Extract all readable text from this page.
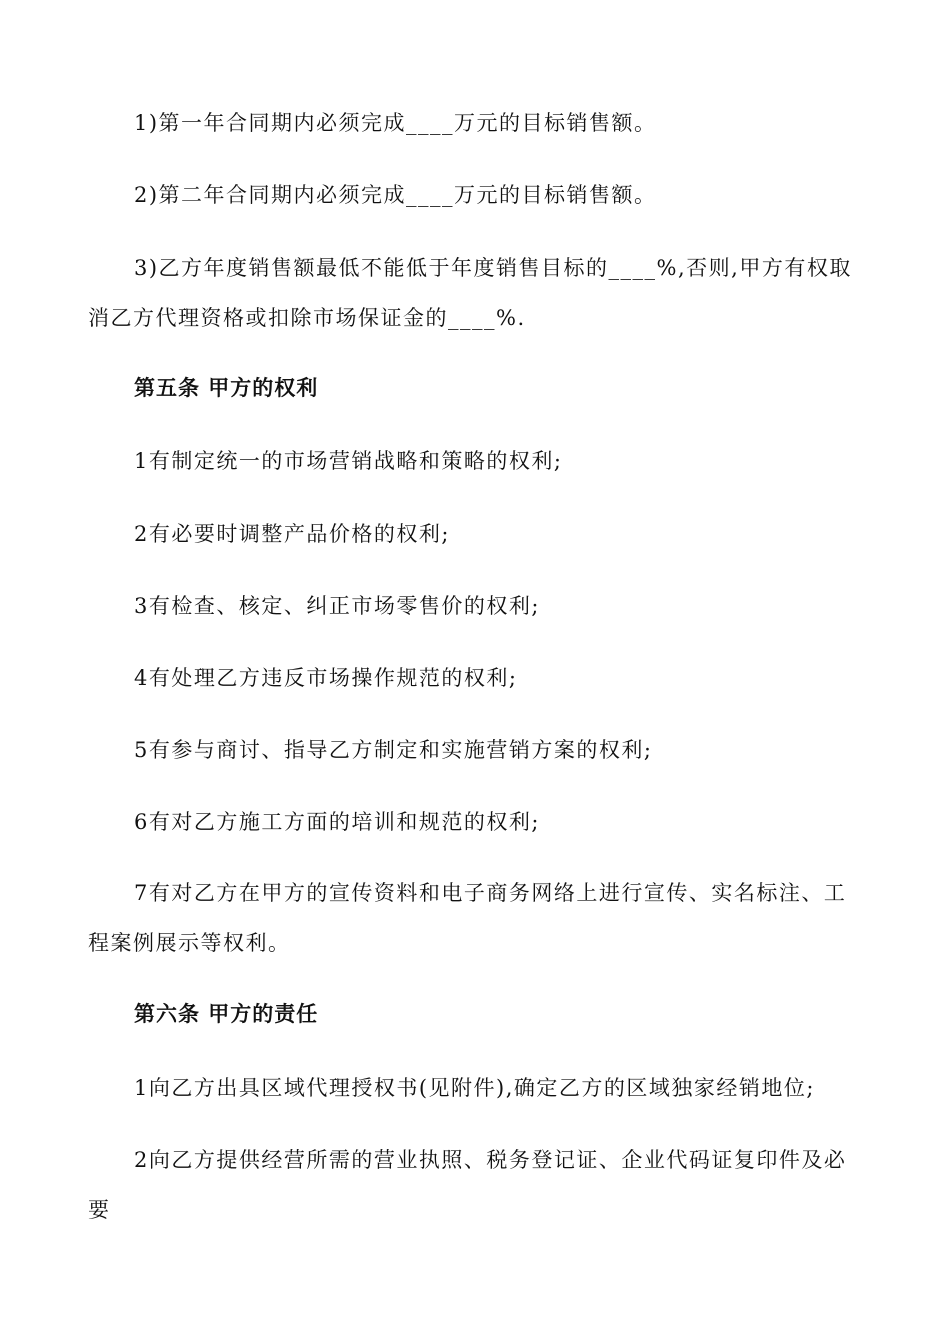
1)第一年合同期内必须完成____万元的目标销售额。
2)第二年合同期内必须完成____万元的目标销售额。
3)乙方年度销售额最低不能低于年度销售目标的____%,否则,甲方有权取消乙方代理资格或扣除市场保证金的____%.
第五条 甲方的权利
1有制定统一的市场营销战略和策略的权利;
2有必要时调整产品价格的权利;
3有检查、核定、纠正市场零售价的权利;
4有处理乙方违反市场操作规范的权利;
5有参与商讨、指导乙方制定和实施营销方案的权利;
6有对乙方施工方面的培训和规范的权利;
7有对乙方在甲方的宣传资料和电子商务网络上进行宣传、实名标注、工程案例展示等权利。
第六条 甲方的责任
1向乙方出具区域代理授权书(见附件),确定乙方的区域独家经销地位;
2向乙方提供经营所需的营业执照、税务登记证、企业代码证复印件及必要
